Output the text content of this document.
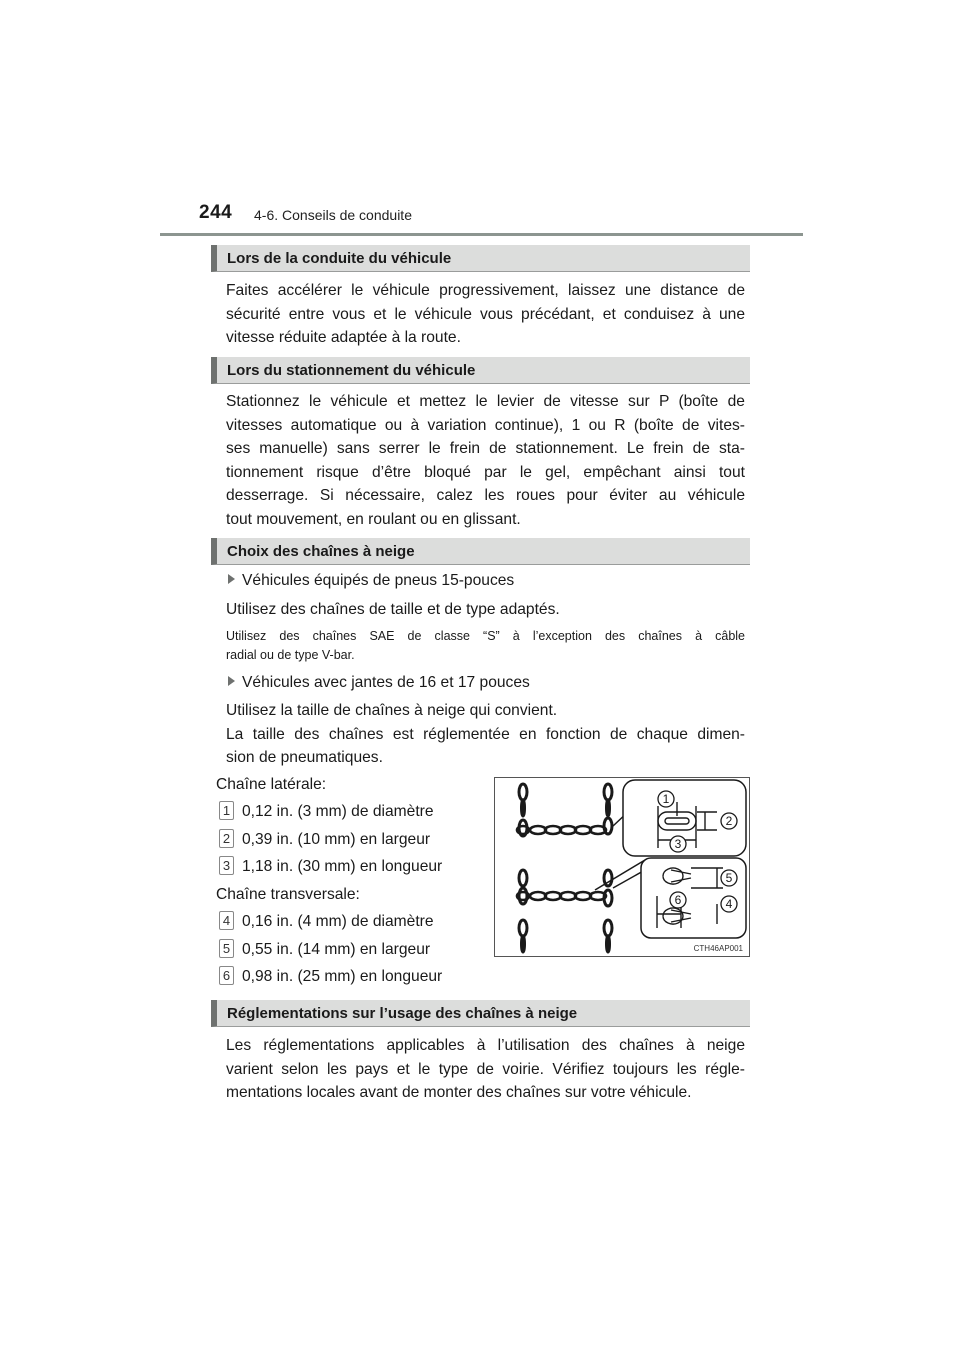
244 4-6. Conseils de conduite
Lors de la conduite du véhicule
Faites accélérer le véhicule progressivement, laissez une distance de
sécurité entre vous et le véhicule vous précédant, et conduisez à une
vitesse réduite adaptée à la route.
Lors du stationnement du véhicule
Stationnez le véhicule et mettez le levier de vitesse sur P (boîte de
vitesses automatique ou à variation continue), 1 ou R (boîte de vites-
ses manuelle) sans serrer le frein de stationnement. Le frein de sta-
tionnement risque d’être bloqué par le gel, empêchant ainsi tout
desserrage. Si nécessaire, calez les roues pour éviter au véhicule
tout mouvement, en roulant ou en glissant.
Choix des chaînes à neige
Véhicules équipés de pneus 15-pouces
Utilisez des chaînes de taille et de type adaptés.
Utilisez des chaînes SAE de classe “S” à l’exception des chaînes à câble
radial ou de type V-bar.
Véhicules avec jantes de 16 et 17 pouces
Utilisez la taille de chaînes à neige qui convient.
La taille des chaînes est réglementée en fonction de chaque dimen-
sion de pneumatiques.
Chaîne latérale:
1 0,12 in. (3 mm) de diamètre
2 0,39 in. (10 mm) en largeur
3 1,18 in. (30 mm) en longueur
Chaîne transversale:
4 0,16 in. (4 mm) de diamètre
5 0,55 in. (14 mm) en largeur
6 0,98 in. (25 mm) en longueur
1
2
3
4
5
6
CTH46AP001
Réglementations sur l’usage des chaînes à neige
Les réglementations applicables à l’utilisation des chaînes à neige
varient selon les pays et le type de voirie. Vérifiez toujours les régle-
mentations locales avant de monter des chaînes sur votre véhicule.
